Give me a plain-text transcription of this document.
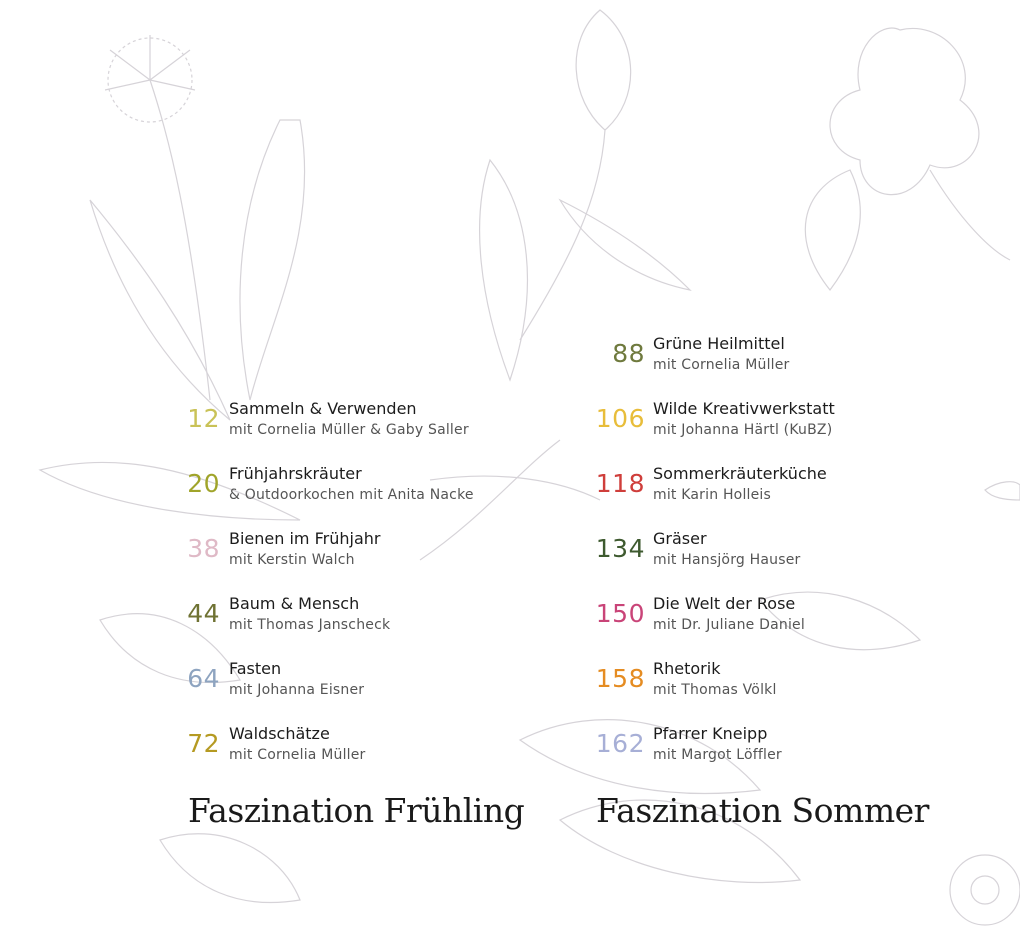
12 Sammeln & Verwenden
mit Cornelia Müller & Gaby Saller
20 Frühjahrskräuter
& Outdoorkochen mit Anita Nacke
38 Bienen im Frühjahr
mit Kerstin Walch
44 Baum & Mensch
mit Thomas Janscheck
64 Fasten
mit Johanna Eisner
72 Waldschätze
mit Cornelia Müller
Faszination Frühling
88 Grüne Heilmittel
mit Cornelia Müller
106 Wilde Kreativwerkstatt
mit Johanna Härtl (KuBZ)
118 Sommerkräuterküche
mit Karin Holleis
134 Gräser
mit Hansjörg Hauser
150 Die Welt der Rose
mit Dr. Juliane Daniel
158 Rhetorik
mit Thomas Völkl
162 Pfarrer Kneipp
mit Margot Löffler
Faszination Sommer
